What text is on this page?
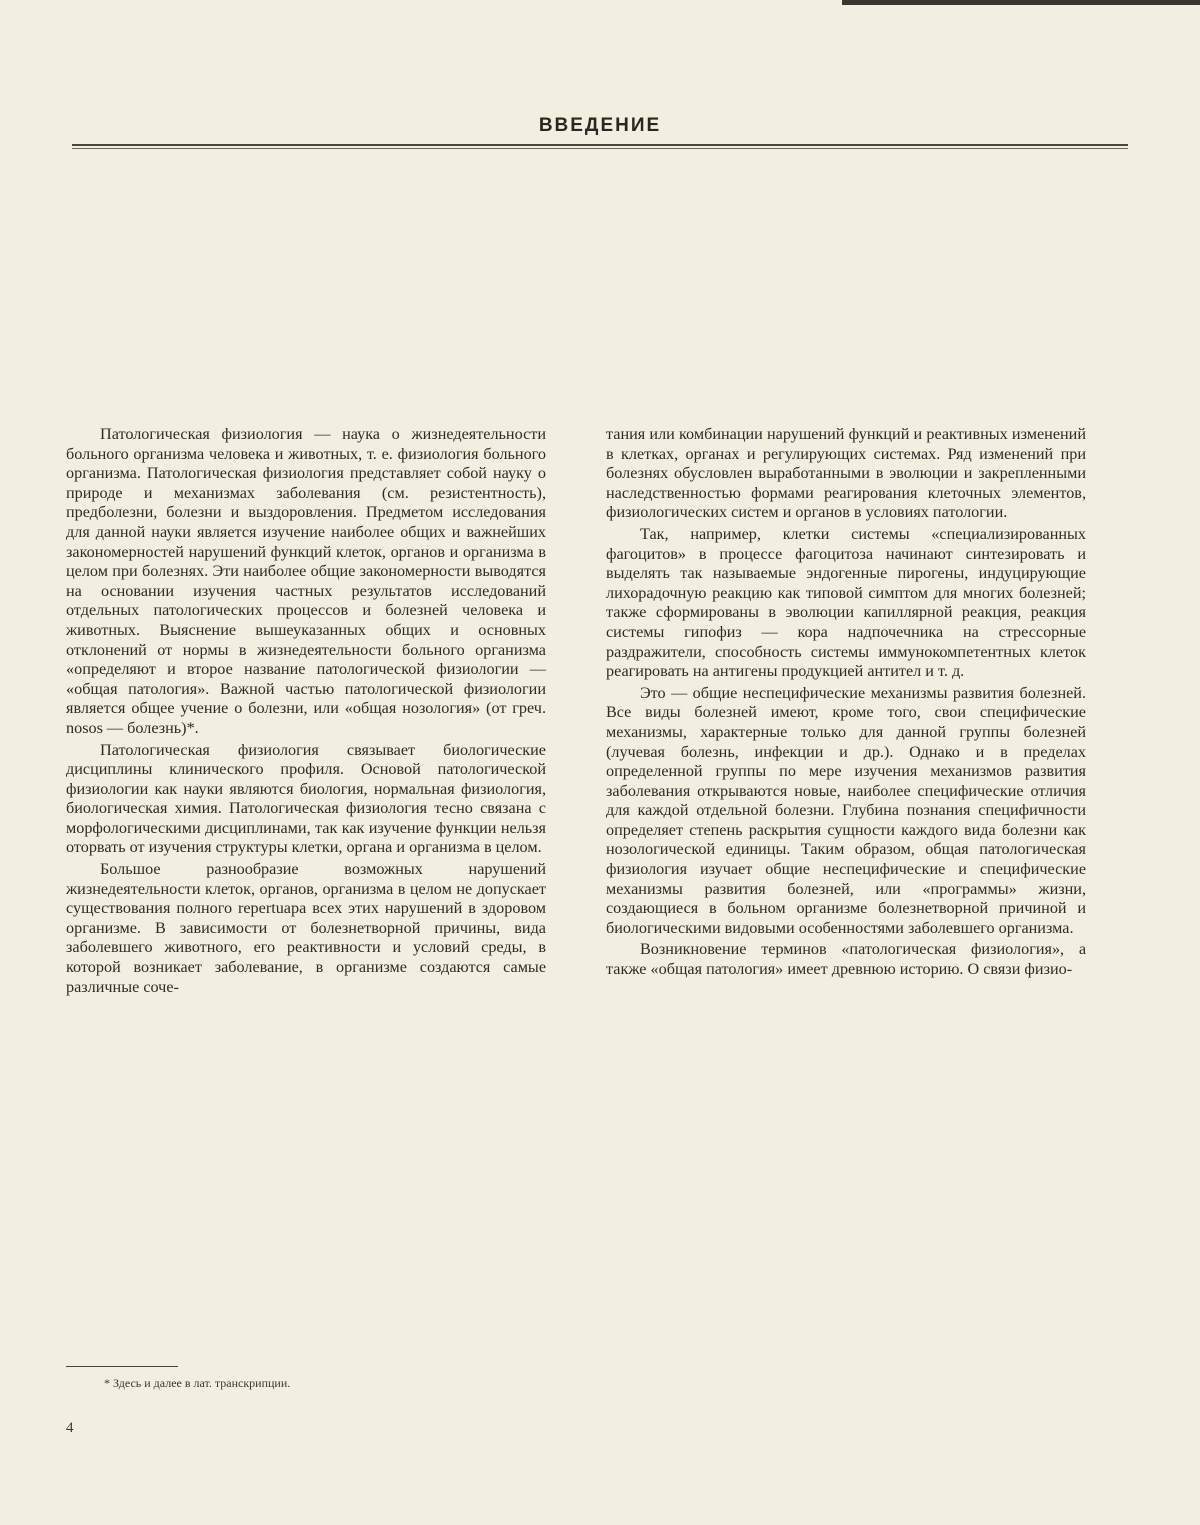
ВВЕДЕНИЕ

Патологическая физиология — наука о жизнедеятельности больного организма человека и животных, т. е. физиология больного организма. Патологическая физиология представляет собой науку о природе и механизмах заболевания (см. резистентность), предболезни, болезни и выздоровления. Предметом исследования для данной науки является изучение наиболее общих и важнейших закономерностей нарушений функций клеток, органов и организма в целом при болезнях. Эти наиболее общие закономерности выводятся на основании изучения частных результатов исследований отдельных патологических процессов и болезней человека и животных. Выяснение вышеуказанных общих и основных отклонений от нормы в жизнедеятельности больного организма «определяют и второе название патологической физиологии — «общая патология». Важной частью патологической физиологии является общее учение о болезни, или «общая нозология» (от греч. nosos — болезнь)*.

Патологическая физиология связывает биологические дисциплины клинического профиля. Основой патологической физиологии как науки являются биология, нормальная физиология, биологическая химия. Патологическая физиология тесно связана с морфологическими дисциплинами, так как изучение функции нельзя оторвать от изучения структуры клетки, органа и организма в целом.

Большое разнообразие возможных нарушений жизнедеятельности клеток, органов, организма в целом не допускает существования полного repertuара всех этих нарушений в здоровом организме. В зависимости от болезнетворной причины, вида заболевшего животного, его реактивности и условий среды, в которой возникает заболевание, в организме создаются самые различные соче-

тания или комбинации нарушений функций и реактивных изменений в клетках, органах и регулирующих системах. Ряд изменений при болезнях обусловлен выработанными в эволюции и закрепленными наследственностью формами реагирования клеточных элементов, физиологических систем и органов в условиях патологии.

Так, например, клетки системы «специализированных фагоцитов» в процессе фагоцитоза начинают синтезировать и выделять так называемые эндогенные пирогены, индуцирующие лихорадочную реакцию как типовой симптом для многих болезней; также сформированы в эволюции капиллярной реакция, реакция системы гипофиз — кора надпочечника на стрессорные раздражители, способность системы иммунокомпетентных клеток реагировать на антигены продукцией антител и т. д.

Это — общие неспецифические механизмы развития болезней. Все виды болезней имеют, кроме того, свои специфические механизмы, характерные только для данной группы болезней (лучевая болезнь, инфекции и др.). Однако и в пределах определенной группы по мере изучения механизмов развития заболевания открываются новые, наиболее специфические отличия для каждой отдельной болезни. Глубина познания специфичности определяет степень раскрытия сущности каждого вида болезни как нозологической единицы. Таким образом, общая патологическая физиология изучает общие неспецифические и специфические механизмы развития болезней, или «программы» жизни, создающиеся в больном организме болезнетворной причиной и биологическими видовыми особенностями заболевшего организма.

Возникновение терминов «патологическая физиология», а также «общая патология» имеет древнюю историю. О связи физио-

* Здесь и далее в лат. транскрипции.
4
